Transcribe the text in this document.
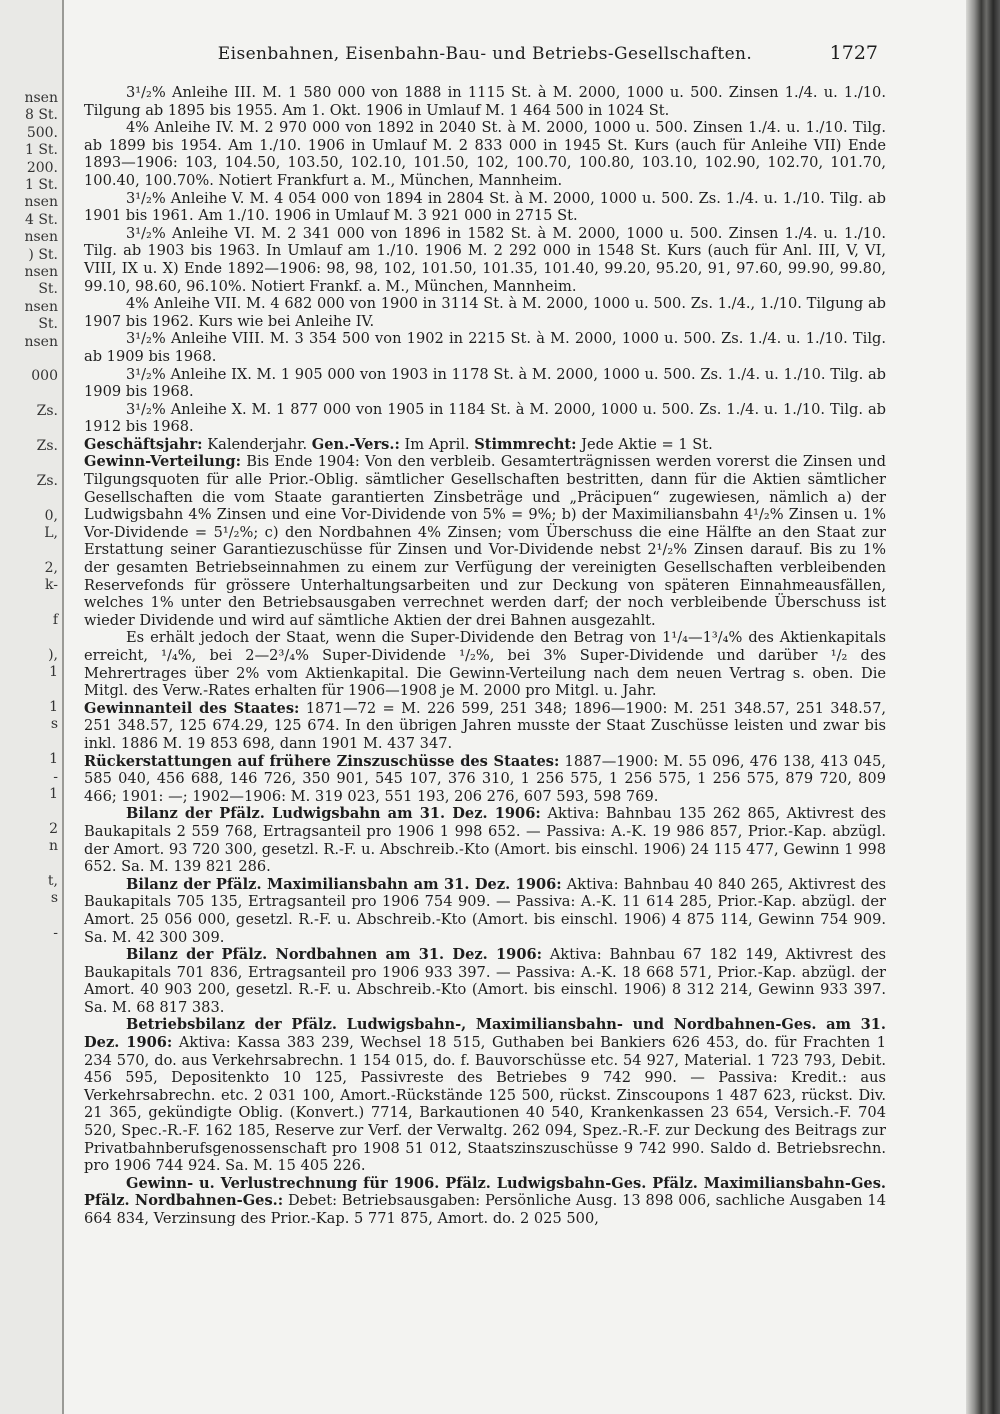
nsen
8 St.
500.
1 St.
200.
1 St.
nsen
4 St.
nsen
) St.
nsen
St.
nsen
St.
nsen
000
Zs.
Zs.
Zs.
0,
L,
2,
k-
f
),
1
1
s
1
-
1
2
n
t,
s
-
Eisenbahnen, Eisenbahn-Bau- und Betriebs-Gesellschaften.	1727

3¹/₂% Anleihe III. M. 1 580 000 von 1888 in 1115 St. à M. 2000, 1000 u. 500. Zinsen 1./4. u. 1./10. Tilgung ab 1895 bis 1955. Am 1. Okt. 1906 in Umlauf M. 1 464 500 in 1024 St.

4% Anleihe IV. M. 2 970 000 von 1892 in 2040 St. à M. 2000, 1000 u. 500. Zinsen 1./4. u. 1./10. Tilg. ab 1899 bis 1954. Am 1./10. 1906 in Umlauf M. 2 833 000 in 1945 St. Kurs (auch für Anleihe VII) Ende 1893—1906: 103, 104.50, 103.50, 102.10, 101.50, 102, 100.70, 100.80, 103.10, 102.90, 102.70, 101.70, 100.40, 100.70%. Notiert Frankfurt a. M., München, Mannheim.

3¹/₂% Anleihe V. M. 4 054 000 von 1894 in 2804 St. à M. 2000, 1000 u. 500. Zs. 1./4. u. 1./10. Tilg. ab 1901 bis 1961. Am 1./10. 1906 in Umlauf M. 3 921 000 in 2715 St.

3¹/₂% Anleihe VI. M. 2 341 000 von 1896 in 1582 St. à M. 2000, 1000 u. 500. Zinsen 1./4. u. 1./10. Tilg. ab 1903 bis 1963. In Umlauf am 1./10. 1906 M. 2 292 000 in 1548 St. Kurs (auch für Anl. III, V, VI, VIII, IX u. X) Ende 1892—1906: 98, 98, 102, 101.50, 101.35, 101.40, 99.20, 95.20, 91, 97.60, 99.90, 99.80, 99.10, 98.60, 96.10%. Notiert Frankf. a. M., München, Mannheim.

4% Anleihe VII. M. 4 682 000 von 1900 in 3114 St. à M. 2000, 1000 u. 500. Zs. 1./4., 1./10. Tilgung ab 1907 bis 1962. Kurs wie bei Anleihe IV.

3¹/₂% Anleihe VIII. M. 3 354 500 von 1902 in 2215 St. à M. 2000, 1000 u. 500. Zs. 1./4. u. 1./10. Tilg. ab 1909 bis 1968.

3¹/₂% Anleihe IX. M. 1 905 000 von 1903 in 1178 St. à M. 2000, 1000 u. 500. Zs. 1./4. u. 1./10. Tilg. ab 1909 bis 1968.

3¹/₂% Anleihe X. M. 1 877 000 von 1905 in 1184 St. à M. 2000, 1000 u. 500. Zs. 1./4. u. 1./10. Tilg. ab 1912 bis 1968.

Geschäftsjahr: Kalenderjahr. Gen.-Vers.: Im April. Stimmrecht: Jede Aktie = 1 St.

Gewinn-Verteilung: Bis Ende 1904: Von den verbleib. Gesamterträgnissen werden vorerst die Zinsen und Tilgungsquoten für alle Prior.-Oblig. sämtlicher Gesellschaften bestritten, dann für die Aktien sämtlicher Gesellschaften die vom Staate garantierten Zinsbeträge und „Präcipuen“ zugewiesen, nämlich a) der Ludwigsbahn 4% Zinsen und eine Vor-Dividende von 5% = 9%; b) der Maximiliansbahn 4¹/₂% Zinsen u. 1% Vor-Dividende = 5¹/₂%; c) den Nordbahnen 4% Zinsen; vom Überschuss die eine Hälfte an den Staat zur Erstattung seiner Garantiezuschüsse für Zinsen und Vor-Dividende nebst 2¹/₂% Zinsen darauf. Bis zu 1% der gesamten Betriebseinnahmen zu einem zur Verfügung der vereinigten Gesellschaften verbleibenden Reservefonds für grössere Unterhaltungsarbeiten und zur Deckung von späteren Einnahmeausfällen, welches 1% unter den Betriebsausgaben verrechnet werden darf; der noch verbleibende Überschuss ist wieder Dividende und wird auf sämtliche Aktien der drei Bahnen ausgezahlt.

Es erhält jedoch der Staat, wenn die Super-Dividende den Betrag von 1¹/₄—1³/₄% des Aktienkapitals erreicht, ¹/₄%, bei 2—2³/₄% Super-Dividende ¹/₂%, bei 3% Super-Dividende und darüber ¹/₂ des Mehrertrages über 2% vom Aktienkapital. Die Gewinn-Verteilung nach dem neuen Vertrag s. oben. Die Mitgl. des Verw.-Rates erhalten für 1906—1908 je M. 2000 pro Mitgl. u. Jahr.

Gewinnanteil des Staates: 1871—72 = M. 226 599, 251 348; 1896—1900: M. 251 348.57, 251 348.57, 251 348.57, 125 674.29, 125 674. In den übrigen Jahren musste der Staat Zuschüsse leisten und zwar bis inkl. 1886 M. 19 853 698, dann 1901 M. 437 347.

Rückerstattungen auf frühere Zinszuschüsse des Staates: 1887—1900: M. 55 096, 476 138, 413 045, 585 040, 456 688, 146 726, 350 901, 545 107, 376 310, 1 256 575, 1 256 575, 1 256 575, 879 720, 809 466; 1901: —; 1902—1906: M. 319 023, 551 193, 206 276, 607 593, 598 769.

Bilanz der Pfälz. Ludwigsbahn am 31. Dez. 1906: Aktiva: Bahnbau 135 262 865, Aktivrest des Baukapitals 2 559 768, Ertragsanteil pro 1906 1 998 652. — Passiva: A.-K. 19 986 857, Prior.-Kap. abzügl. der Amort. 93 720 300, gesetzl. R.-F. u. Abschreib.-Kto (Amort. bis einschl. 1906) 24 115 477, Gewinn 1 998 652. Sa. M. 139 821 286.

Bilanz der Pfälz. Maximiliansbahn am 31. Dez. 1906: Aktiva: Bahnbau 40 840 265, Aktivrest des Baukapitals 705 135, Ertragsanteil pro 1906 754 909. — Passiva: A.-K. 11 614 285, Prior.-Kap. abzügl. der Amort. 25 056 000, gesetzl. R.-F. u. Abschreib.-Kto (Amort. bis einschl. 1906) 4 875 114, Gewinn 754 909. Sa. M. 42 300 309.

Bilanz der Pfälz. Nordbahnen am 31. Dez. 1906: Aktiva: Bahnbau 67 182 149, Aktivrest des Baukapitals 701 836, Ertragsanteil pro 1906 933 397. — Passiva: A.-K. 18 668 571, Prior.-Kap. abzügl. der Amort. 40 903 200, gesetzl. R.-F. u. Abschreib.-Kto (Amort. bis einschl. 1906) 8 312 214, Gewinn 933 397. Sa. M. 68 817 383.

Betriebsbilanz der Pfälz. Ludwigsbahn-, Maximiliansbahn- und Nordbahnen-Ges. am 31. Dez. 1906: Aktiva: Kassa 383 239, Wechsel 18 515, Guthaben bei Bankiers 626 453, do. für Frachten 1 234 570, do. aus Verkehrsabrechn. 1 154 015, do. f. Bauvorschüsse etc. 54 927, Material. 1 723 793, Debit. 456 595, Depositenkto 10 125, Passivreste des Betriebes 9 742 990. — Passiva: Kredit.: aus Verkehrsabrechn. etc. 2 031 100, Amort.-Rückstände 125 500, rückst. Zinscoupons 1 487 623, rückst. Div. 21 365, gekündigte Oblig. (Konvert.) 7714, Barkautionen 40 540, Krankenkassen 23 654, Versich.-F. 704 520, Spec.-R.-F. 162 185, Reserve zur Verf. der Verwaltg. 262 094, Spez.-R.-F. zur Deckung des Beitrags zur Privatbahnberufsgenossenschaft pro 1908 51 012, Staatszinszuschüsse 9 742 990. Saldo d. Betriebsrechn. pro 1906 744 924. Sa. M. 15 405 226.

Gewinn- u. Verlustrechnung für 1906. Pfälz. Ludwigsbahn-Ges. Pfälz. Maximiliansbahn-Ges. Pfälz. Nordbahnen-Ges.: Debet: Betriebsausgaben: Persönliche Ausg. 13 898 006, sachliche Ausgaben 14 664 834, Verzinsung des Prior.-Kap. 5 771 875, Amort. do. 2 025 500,
